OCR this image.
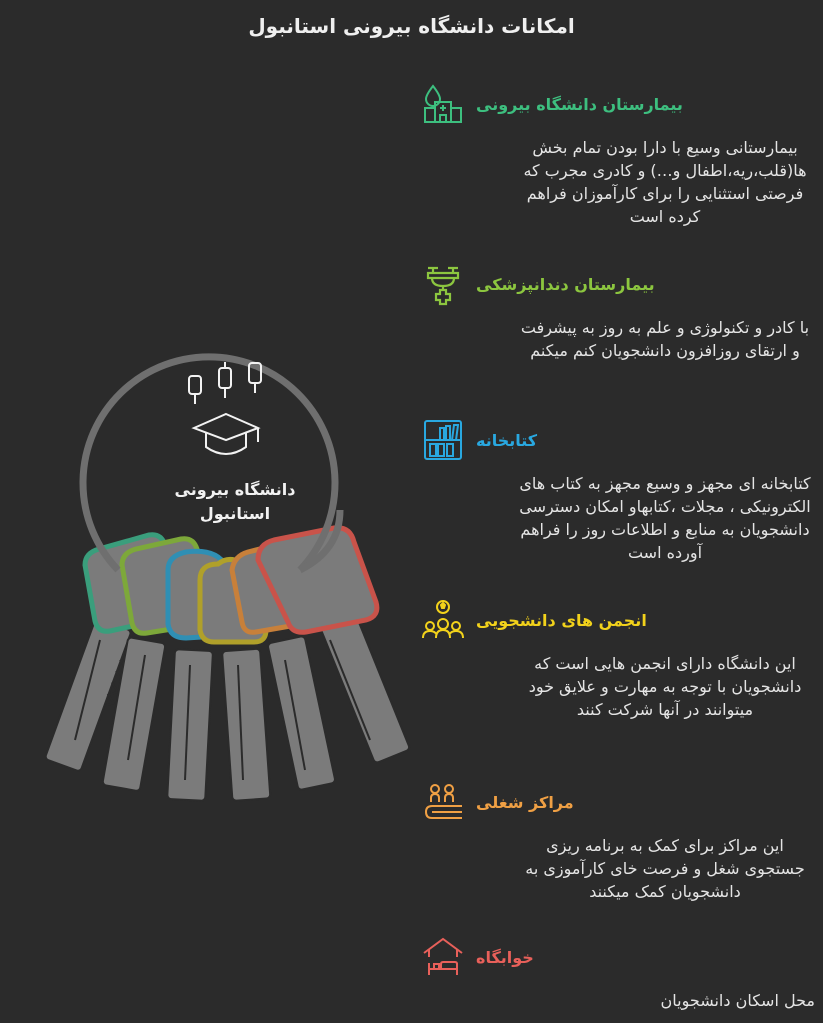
امکانات دانشگاه بیرونی استانبول
دانشگاه بیرونی استانبول
بیمارستان دانشگاه بیرونی
بیمارستانی وسیع با دارا بودن تمام بخش ها(قلب،ریه،اطفال و…) و کادری مجرب که فرصتی استثنایی را برای کارآموزان فراهم کرده است
بیمارستان دندانپزشکی
با کادر و تکنولوژی و علم به روز به پیشرفت و ارتقای روزافزون دانشجویان کنم میکنم
کتابخانه
کتابخانه ای مجهز و وسیع مجهز به کتاب های الکترونیکی ، مجلات ،کتابهاو امکان دسترسی دانشجویان به منابع و اطلاعات روز را فراهم آورده است
انجمن های دانشجویی
این دانشگاه دارای انجمن هایی است که دانشجویان با توجه به مهارت و علایق خود میتوانند در آنها شرکت کنند
مراکز شغلی
این مراکز برای کمک به برنامه ریزی جستجوی شغل و فرصت خای کارآموزی به دانشجویان کمک میکنند
خوابگاه
محل اسکان دانشجویان
